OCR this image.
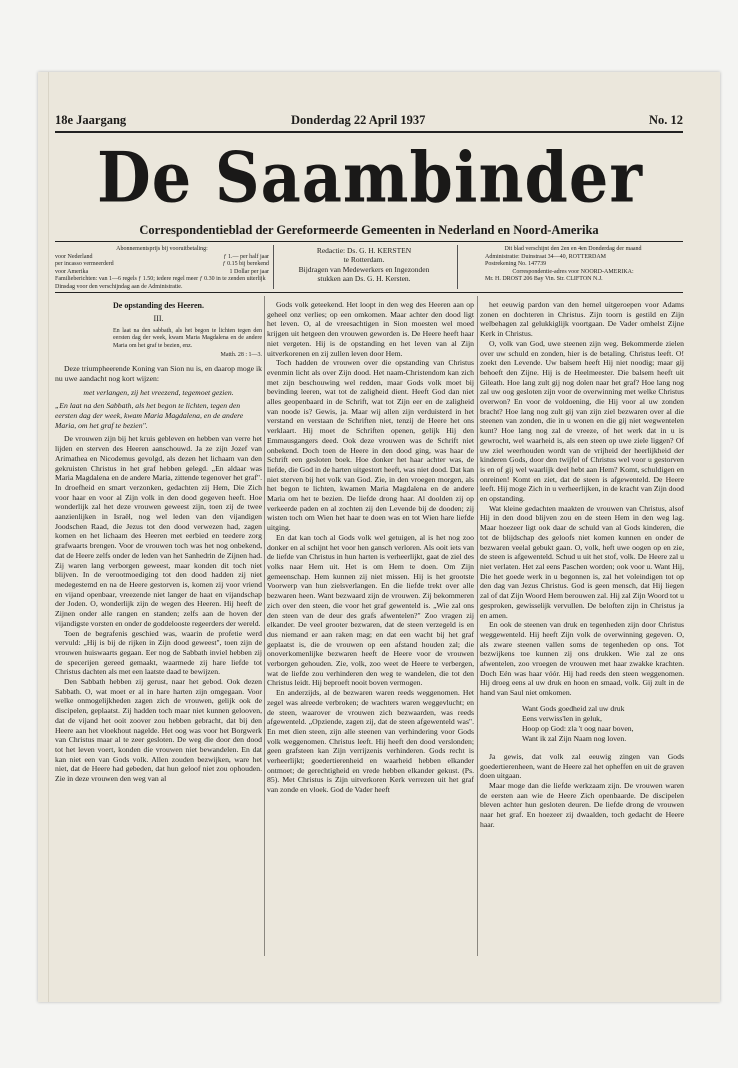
18e Jaargang	Donderdag 22 April 1937	No. 12
De Saambinder
Correspondentieblad der Gereformeerde Gemeenten in Nederland en Noord-Amerika
Abonnementsprijs bij vooruitbetaling:
voor Nederland	ƒ 1.— per half jaar
per incasso vermeerderd	ƒ 0.15 bij berekend
voor Amerika	1 Dollar per jaar
Familieberichten: van 1—6 regels ƒ 1.50; iedere regel meer ƒ 0.30 in te zenden uiterlijk Dinsdag voor den verschijndag aan de Administratie.
Redactie: Ds. G. H. KERSTEN
te Rotterdam.
Bijdragen van Medewerkers en Ingezonden
stukken aan Ds. G. H. Kersten.
Dit blad verschijnt den 2en en 4en Donderdag der maand
Administratie: Duinstraat 34—40, ROTTERDAM
Postrekening No. 147739
Correspondentie-adres voor NOORD-AMERIKA:
Mr. H. DROST 206 Bay Vin. Str. CLIFTON N.J.
De opstanding des Heeren.
III.
En laat na den sabbath, als het begon te lichten tegen den eersten dag der week, kwam Maria Magdalena en de andere Maria om het graf te bezien, enz.
Matth. 28 : 1—3.

Deze triumpheerende Koning van Sion nu is, en daarop moge ik nu uwe aandacht nog kort wijzen:

met verlangen, zij het vreezend, tegemoet gezien.

„En laat na den Sabbath, als het begon te lichten, tegen den eersten dag der week, kwam Maria Magdalena, en de andere Maria, om het graf te bezien".

De vrouwen zijn bij het kruis gebleven en hebben van verre het lijden en sterven des Heeren aanschouwd. Ja ze zijn Jozef van Arimathea en Nicodemus gevolgd, als dezen het lichaam van den gekruisten Christus in het graf hebben gelegd. „En aldaar was Maria Magdalena en de andere Maria, zittende tegenover het graf". In droefheid en smart verzonken, gedachten zij Hem, Die Zich voor haar en voor al Zijn volk in den dood gegeven heeft. Hoe wonderlijk zal het deze vrouwen geweest zijn, toen zij de twee aanzienlijken in Israël, nog wel leden van den vijandigen Joodschen Raad, die Jezus tot den dood verwezen had, zagen komen en het lichaam des Heeren met eerbied en teedere zorg grafwaarts brengen. Voor de vrouwen toch was het nog onbekend, dat de Heere zelfs onder de leden van het Sanhedrin de Zijnen had. Zij waren lang verborgen geweest, maar konden dit toch niet blijven. In de verootmoediging tot den dood hadden zij niet medegestemd en na de Heere gestorven is, komen zij voor vriend en vijand openbaar, vreezende niet langer de haat en vijandschap der Joden. O, wonderlijk zijn de wegen des Heeren. Hij heeft de Zijnen onder alle rangen en standen; zelfs aan de hoven der vijandigste vorsten en onder de goddelooste regeerders der wereld.

Toen de begrafenis geschied was, waarin de profetie werd vervuld: „Hij is bij de rijken in Zijn dood geweest", toen zijn de vrouwen huiswaarts gegaan. Eer nog de Sabbath inviel hebben zij de specerijen gereed gemaakt, waarmede zij hare liefde tot Christus dachten als met een laatste daad te bewijzen.

Den Sabbath hebben zij gerust, naar het gebod. Ook dezen Sabbath. O, wat moet er al in hare harten zijn omgegaan. Voor welke onmogelijkheden zagen zich de vrouwen, gelijk ook de discipelen, geplaatst. Zij hadden toch maar niet kunnen gelooven, dat de vijand het ooit zoover zou hebben gebracht, dat bij den Heere aan het vloekhout nagelde. Het oog was voor het Borgwerk van Christus maar al te zeer gesloten. De weg die door den dood tot het leven voert, konden die vrouwen niet bewandelen. En dat kan niet een van Gods volk. Allen zouden bezwijken, ware het niet, dat de Heere had gebeden, dat hun geloof niet zou ophouden. Zie in deze vrouwen den weg van al

Gods volk geteekend. Het loopt in den weg des Heeren aan op geheel onz verlies; op een omkomen. Maar achter den dood ligt het leven. O, al de vreesachtigen in Sion moesten wel moed krijgen uit hetgeen den vrouwen geworden is. De Heere heeft haar niet vergeten. Hij is de opstanding en het leven van al Zijn uitverkorenen en zij zullen leven door Hem.

Toch hadden de vrouwen over die opstanding van Christus evenmin licht als over Zijn dood. Het naam-Christendom kan zich met zijn beschouwing wel redden, maar Gods volk moet bij bevinding leeren, wat tot de zaligheid dient. Heeft God dan niet alles geopenbaard in de Schrift, wat tot Zijn eer en de zaligheid van noode is? Gewis, ja. Maar wij allen zijn verduisterd in het verstand en verstaan de Schriften niet, tenzij de Heere het ons verklaart. Hij moet de Schriften openen, gelijk Hij den Emmausgangers deed. Ook deze vrouwen was de Schrift niet onbekend. Doch toen de Heere in den dood ging, was haar de Schrift een gesloten boek. Hoe donker het haar achter was, de liefde, die God in de harten uitgestort heeft, was niet dood. Dat kan niet sterven bij het volk van God. Zie, in den vroegen morgen, als het begon te lichten, kwamen Maria Magdalena en de andere Maria om het te bezien. De liefde drong haar. Al doolden zij op verkeerde paden en al zochten zij den Levende bij de dooden; zij wisten toch om Wien het haar te doen was en tot Wien hare liefde uitging.

En dat kan toch al Gods volk wel getuigen, al is het nog zoo donker en al schijnt het voor hen gansch verloren. Als ooit iets van de liefde van Christus in hun harten is verheerlijkt, gaat de ziel des volks naar Hem uit. Het is om Hem te doen. Om Zijn gemeenschap. Hem kunnen zij niet missen. Hij is het grootste Voorwerp van hun zielsverlangen. En die liefde trekt over alle bezwaren heen. Want bezwaard zijn de vrouwen. Zij bekommeren zich over den steen, die voor het graf gewenteld is. „Wie zal ons den steen van de deur des grafs afwentelen?" Zoo vragen zij elkander. De veel grooter bezwaren, dat de steen verzegeld is en dus niemand er aan raken mag; en dat een wacht bij het graf geplaatst is, die de vrouwen op een afstand houden zal; die onoverkomenlijke bezwaren heeft de Heere voor de vrouwen verborgen gehouden. Zie, volk, zoo weet de Heere te verbergen, wat de liefde zou verhinderen den weg te wandelen, die tot den Christus leidt. Hij beproeft nooit boven vermogen.

En anderzijds, al de bezwaren waren reeds weggenomen. Het zegel was alreede verbroken; de wachters waren weggevlucht; en de steen, waarover de vrouwen zich bezwaarden, was reeds afgewenteld. „Opziende, zagen zij, dat de steen afgewenteld was". En met dien steen, zijn alle steenen van verhindering voor Gods volk weggenomen. Christus leeft. Hij heeft den dood verslonden; geen grafsteen kan Zijn verrijzenis verhinderen. Gods recht is verheerlijkt; goedertierenheid en waarheid hebben elkander ontmoet; de gerechtigheid en vrede hebben elkander gekust. (Ps. 85). Met Christus is Zijn uitverkoren Kerk verrezen uit het graf van zonde en vloek. God de Vader heeft

het eeuwig pardon van den hemel uitgeroepen voor Adams zonen en dochteren in Christus. Zijn toorn is gestild en Zijn welbehagen zal gelukkiglijk voortgaan. De Vader omhelst Zijne Kerk in Christus.

O, volk van God, uwe steenen zijn weg. Bekommerde zielen over uw schuld en zonden, hier is de betaling. Christus leeft. O! zoekt den Levende. Uw balsem heeft Hij niet noodig; maar gij behoeft den Zijne. Hij is de Heelmeester. Die balsem heeft uit Gileath. Hoe lang zult gij nog dolen naar het graf? Hoe lang nog zal uw oog gesloten zijn voor de overwinning met welke Christus overwon? En voor de voldoening, die Hij voor al uw zonden bracht? Hoe lang nog zult gij van zijn ziel bezwaren over al die steenen van zonden, die in u wonen en die gij niet wegwentelen kunt? Hoe lang nog zal de vreeze, of het werk dat in u is gewrocht, wel waarheid is, als een steen op uwe ziele liggen? Of uw ziel weerhouden wordt van de vrijheid der heerlijkheid der kinderen Gods, door den twijfel of Christus wel voor u gestorven is en of gij wel waarlijk deel hebt aan Hem? Komt, schuldigen en onreinen! Komt en ziet, dat de steen is afgewenteld. De Heere leeft. Hij moge Zich in u verheerlijken, in de kracht van Zijn dood en opstanding.

Wat kleine gedachten maakten de vrouwen van Christus, alsof Hij in den dood blijven zou en de steen Hem in den weg lag. Maar hoezeer ligt ook daar de schuld van al Gods kinderen, die tot de blijdschap des geloofs niet komen kunnen en onder de bezwaren veelal gebukt gaan. O, volk, heft uwe oogen op en zie, de steen is afgewenteld. Schud u uit het stof, volk. De Heere zal u niet verlaten. Het zal eens Paschen worden; ook voor u. Want Hij, Die het goede werk in u begonnen is, zal het voleindigen tot op den dag van Jezus Christus. God is geen mensch, dat Hij liegen zal of dat Zijn Woord Hem berouwen zal. Hij zal Zijn Woord tot u gesproken, gewisselijk vervullen. De beloften zijn in Christus ja en amen.

En ook de steenen van druk en tegenheden zijn door Christus weggewenteld. Hij heeft Zijn volk de overwinning gegeven. O, als zware steenen vallen soms de tegenheden op ons. Tot bezwijkens toe kunnen zij ons drukken. Wie zal ze ons afwentelen, zoo vroegen de vrouwen met haar zwakke krachten. Doch Eén was haar vóór. Hij had reeds den steen weggenomen. Hij droeg eens al uw druk en hoon en smaad, volk. Gij zult in de hand van Saul niet omkomen.

Want Gods goedheid zal uw druk
Eens verwiss'len in geluk,
Hoop op God: zla 't oog naar boven,
Want ik zal Zijn Naam nog loven.

Ja gewis, dat volk zal eeuwig zingen van Gods goedertierenheen, want de Heere zal het opheffen en uit de graven doen uitgaan.

Maar moge dan die liefde werkzaam zijn. De vrouwen waren de eersten aan wie de Heere Zich openbaarde. De discipelen bleven achter hun gesloten deuren. De liefde drong de vrouwen naar het graf. En hoezeer zij dwaalden, toch gedacht de Heere haar.
